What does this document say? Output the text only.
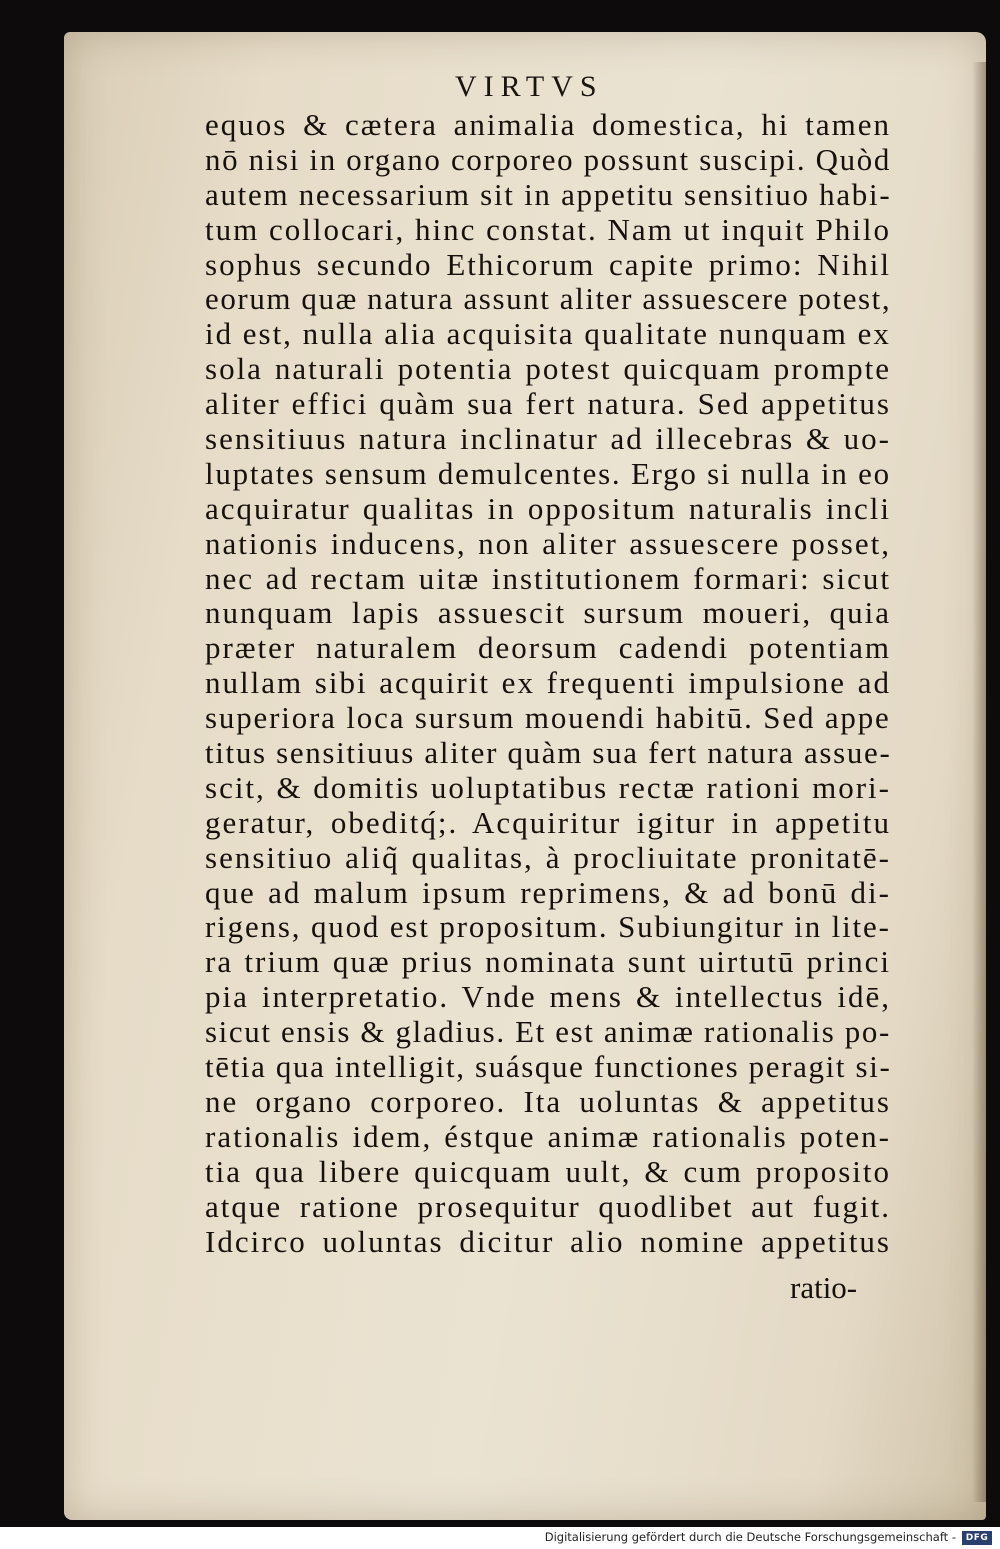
VIRTVS
equos & cætera animalia domestica, hi tamen
nō nisi in organo corporeo possunt suscipi. Quòd
autem necessarium sit in appetitu sensitiuo habi-
tum collocari, hinc constat. Nam ut inquit Philo
sophus secundo Ethicorum capite primo: Nihil
eorum quæ natura assunt aliter assuescere potest,
id est, nulla alia acquisita qualitate nunquam ex
sola naturali potentia potest quicquam prompte
aliter effici quàm sua fert natura. Sed appetitus
sensitiuus natura inclinatur ad illecebras & uo-
luptates sensum demulcentes. Ergo si nulla in eo
acquiratur qualitas in oppositum naturalis incli
nationis inducens, non aliter assuescere posset,
nec ad rectam uitæ institutionem formari: sicut
nunquam lapis assuescit sursum moueri, quia
præter naturalem deorsum cadendi potentiam
nullam sibi acquirit ex frequenti impulsione ad
superiora loca sursum mouendi habitū. Sed appe
titus sensitiuus aliter quàm sua fert natura assue-
scit, & domitis uoluptatibus rectæ rationi mori-
geratur, obeditq́;. Acquiritur igitur in appetitu
sensitiuo aliq̃ qualitas, à procliuitate pronitatē-
que ad malum ipsum reprimens, & ad bonū di-
rigens, quod est propositum. Subiungitur in lite-
ra trium quæ prius nominata sunt uirtutū princi
pia interpretatio. Vnde mens & intellectus idē,
sicut ensis & gladius. Et est animæ rationalis po-
tētia qua intelligit, suásque functiones peragit si-
ne organo corporeo. Ita uoluntas & appetitus
rationalis idem, éstque animæ rationalis poten-
tia qua libere quicquam uult, & cum proposito
atque ratione prosequitur quodlibet aut fugit.
Idcirco uoluntas dicitur alio nomine appetitus
ratio-
Digitalisierung gefördert durch die Deutsche Forschungsgemeinschaft -	DFG
